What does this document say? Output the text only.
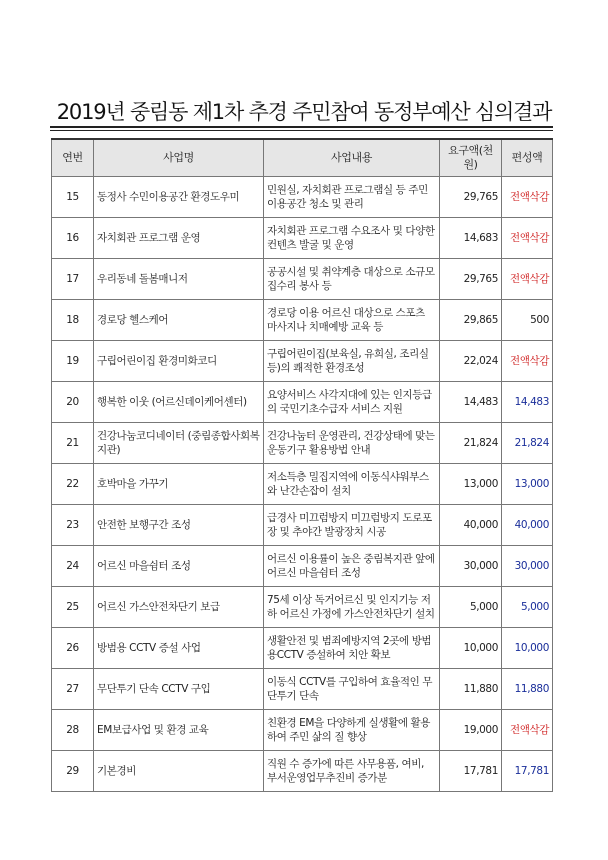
2019년 중림동 제1차 추경 주민참여 동정부예산 심의결과
연번	사업명	사업내용	요구액(천원)	편성액
15	동정사 수민이용공간 환경도우미	민원실, 자치회관 프로그램실 등 주민이용공간 청소 및 관리	29,765	전액삭감
16	자치회관 프로그램 운영	자치회관 프로그램 수요조사 및 다양한 컨텐츠 발굴 및 운영	14,683	전액삭감
17	우리동네 돌봄매니저	공공시설 및 취약계층 대상으로 소규모 집수리 봉사 등	29,765	전액삭감
18	경로당 헬스케어	경로당 이용 어르신 대상으로 스포츠 마사지나 치매예방 교육 등	29,865	500
19	구립어린이집 환경미화코디	구립어린이집(보육실, 유희실, 조리실 등)의 쾌적한 환경조성	22,024	전액삭감
20	행복한 이웃 (어르신데이케어센터)	요양서비스 사각지대에 있는 인지등급의 국민기초수급자 서비스 지원	14,483	14,483
21	건강나눔코디네이터 (중림종합사회복지관)	건강나눔터 운영관리, 건강상태에 맞는 운동기구 활용방법 안내	21,824	21,824
22	호박마을 가꾸기	저소득층 밀집지역에 이동식샤워부스와 난간손잡이 설치	13,000	13,000
23	안전한 보행구간 조성	급경사 미끄럼방지 미끄럼방지 도로포장 및 추야간 발광장치 시공	40,000	40,000
24	어르신 마을쉼터 조성	어르신 이용률이 높은 중림복지관 앞에 어르신 마을쉼터 조성	30,000	30,000
25	어르신 가스안전차단기 보급	75세 이상 독거어르신 및 인지기능 저하 어르신 가정에 가스안전차단기 설치	5,000	5,000
26	방범용 CCTV 증설 사업	생활안전 및 범죄예방지역 2곳에 방범용CCTV 증설하여 치안 확보	10,000	10,000
27	무단투기 단속 CCTV 구입	이동식 CCTV를 구입하여 효율적인 무단투기 단속	11,880	11,880
28	EM보급사업 및 환경 교육	친환경 EM을 다양하게 실생활에 활용하여 주민 삶의 질 향상	19,000	전액삭감
29	기본경비	직원 수 증가에 따른 사무용품, 여비, 부서운영업무추진비 증가분	17,781	17,781
